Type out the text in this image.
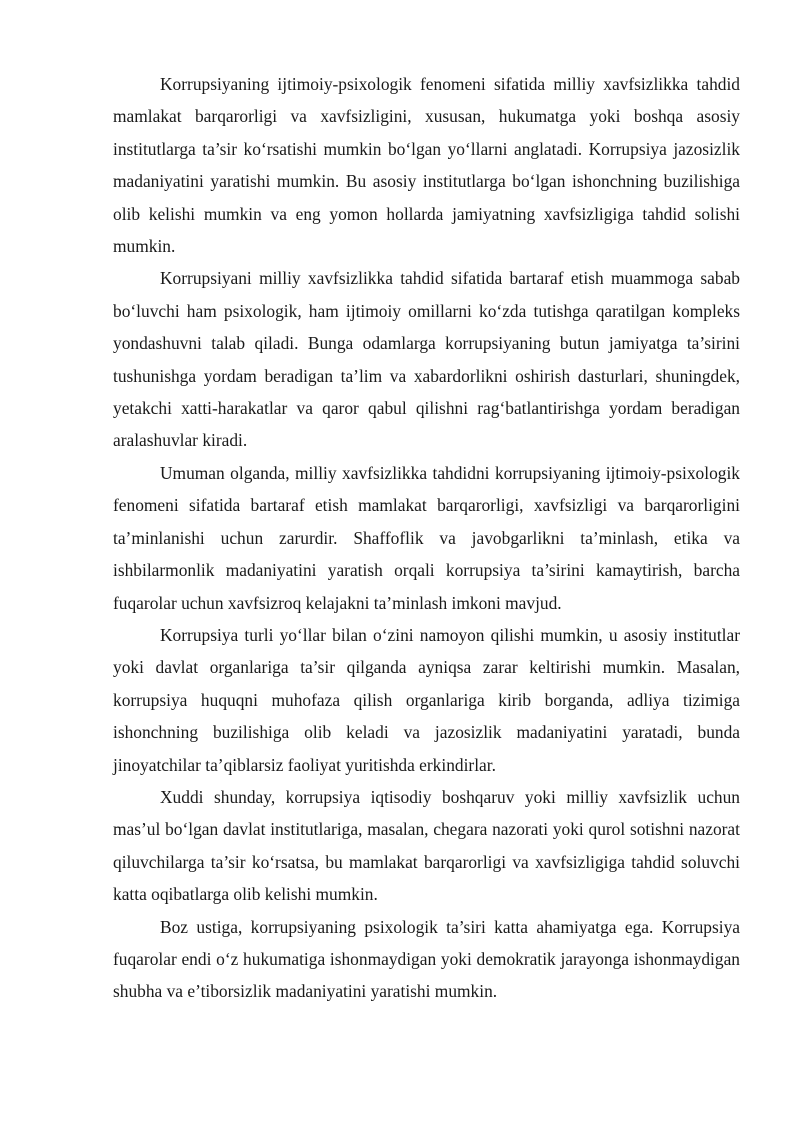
Korrupsiyaning ijtimoiy-psixologik fenomeni sifatida milliy xavfsizlikka tahdid mamlakat barqarorligi va xavfsizligini, xususan, hukumatga yoki boshqa asosiy institutlarga ta’sir ko‘rsatishi mumkin bo‘lgan yo‘llarni anglatadi. Korrupsiya jazosizlik madaniyatini yaratishi mumkin. Bu asosiy institutlarga bo‘lgan ishonchning buzilishiga olib kelishi mumkin va eng yomon hollarda jamiyatning xavfsizligiga tahdid solishi mumkin.

Korrupsiyani milliy xavfsizlikka tahdid sifatida bartaraf etish muammoga sabab bo‘luvchi ham psixologik, ham ijtimoiy omillarni ko‘zda tutishga qaratilgan kompleks yondashuvni talab qiladi. Bunga odamlarga korrupsiyaning butun jamiyatga ta’sirini tushunishga yordam beradigan ta’lim va xabardorlikni oshirish dasturlari, shuningdek, yetakchi xatti-harakatlar va qaror qabul qilishni rag‘batlantirishga yordam beradigan aralashuvlar kiradi.

Umuman olganda, milliy xavfsizlikka tahdidni korrupsiyaning ijtimoiy-psixologik fenomeni sifatida bartaraf etish mamlakat barqarorligi, xavfsizligi va barqarorligini ta’minlanishi uchun zarurdir. Shaffoflik va javobgarlikni ta’minlash, etika va ishbilarmonlik madaniyatini yaratish orqali korrupsiya ta’sirini kamaytirish, barcha fuqarolar uchun xavfsizroq kelajakni ta’minlash imkoni mavjud.

Korrupsiya turli yo‘llar bilan o‘zini namoyon qilishi mumkin, u asosiy institutlar yoki davlat organlariga ta’sir qilganda ayniqsa zarar keltirishi mumkin. Masalan, korrupsiya huquqni muhofaza qilish organlariga kirib borganda, adliya tizimiga ishonchning buzilishiga olib keladi va jazosizlik madaniyatini yaratadi, bunda jinoyatchilar ta’qiblarsiz faoliyat yuritishda erkindirlar.

Xuddi shunday, korrupsiya iqtisodiy boshqaruv yoki milliy xavfsizlik uchun mas’ul bo‘lgan davlat institutlariga, masalan, chegara nazorati yoki qurol sotishni nazorat qiluvchilarga ta’sir ko‘rsatsa, bu mamlakat barqarorligi va xavfsizligiga tahdid soluvchi katta oqibatlarga olib kelishi mumkin.

Boz ustiga, korrupsiyaning psixologik ta’siri katta ahamiyatga ega. Korrupsiya fuqarolar endi o‘z hukumatiga ishonmaydigan yoki demokratik jarayonga ishonmaydigan shubha va e’tiborsizlik madaniyatini yaratishi mumkin.
